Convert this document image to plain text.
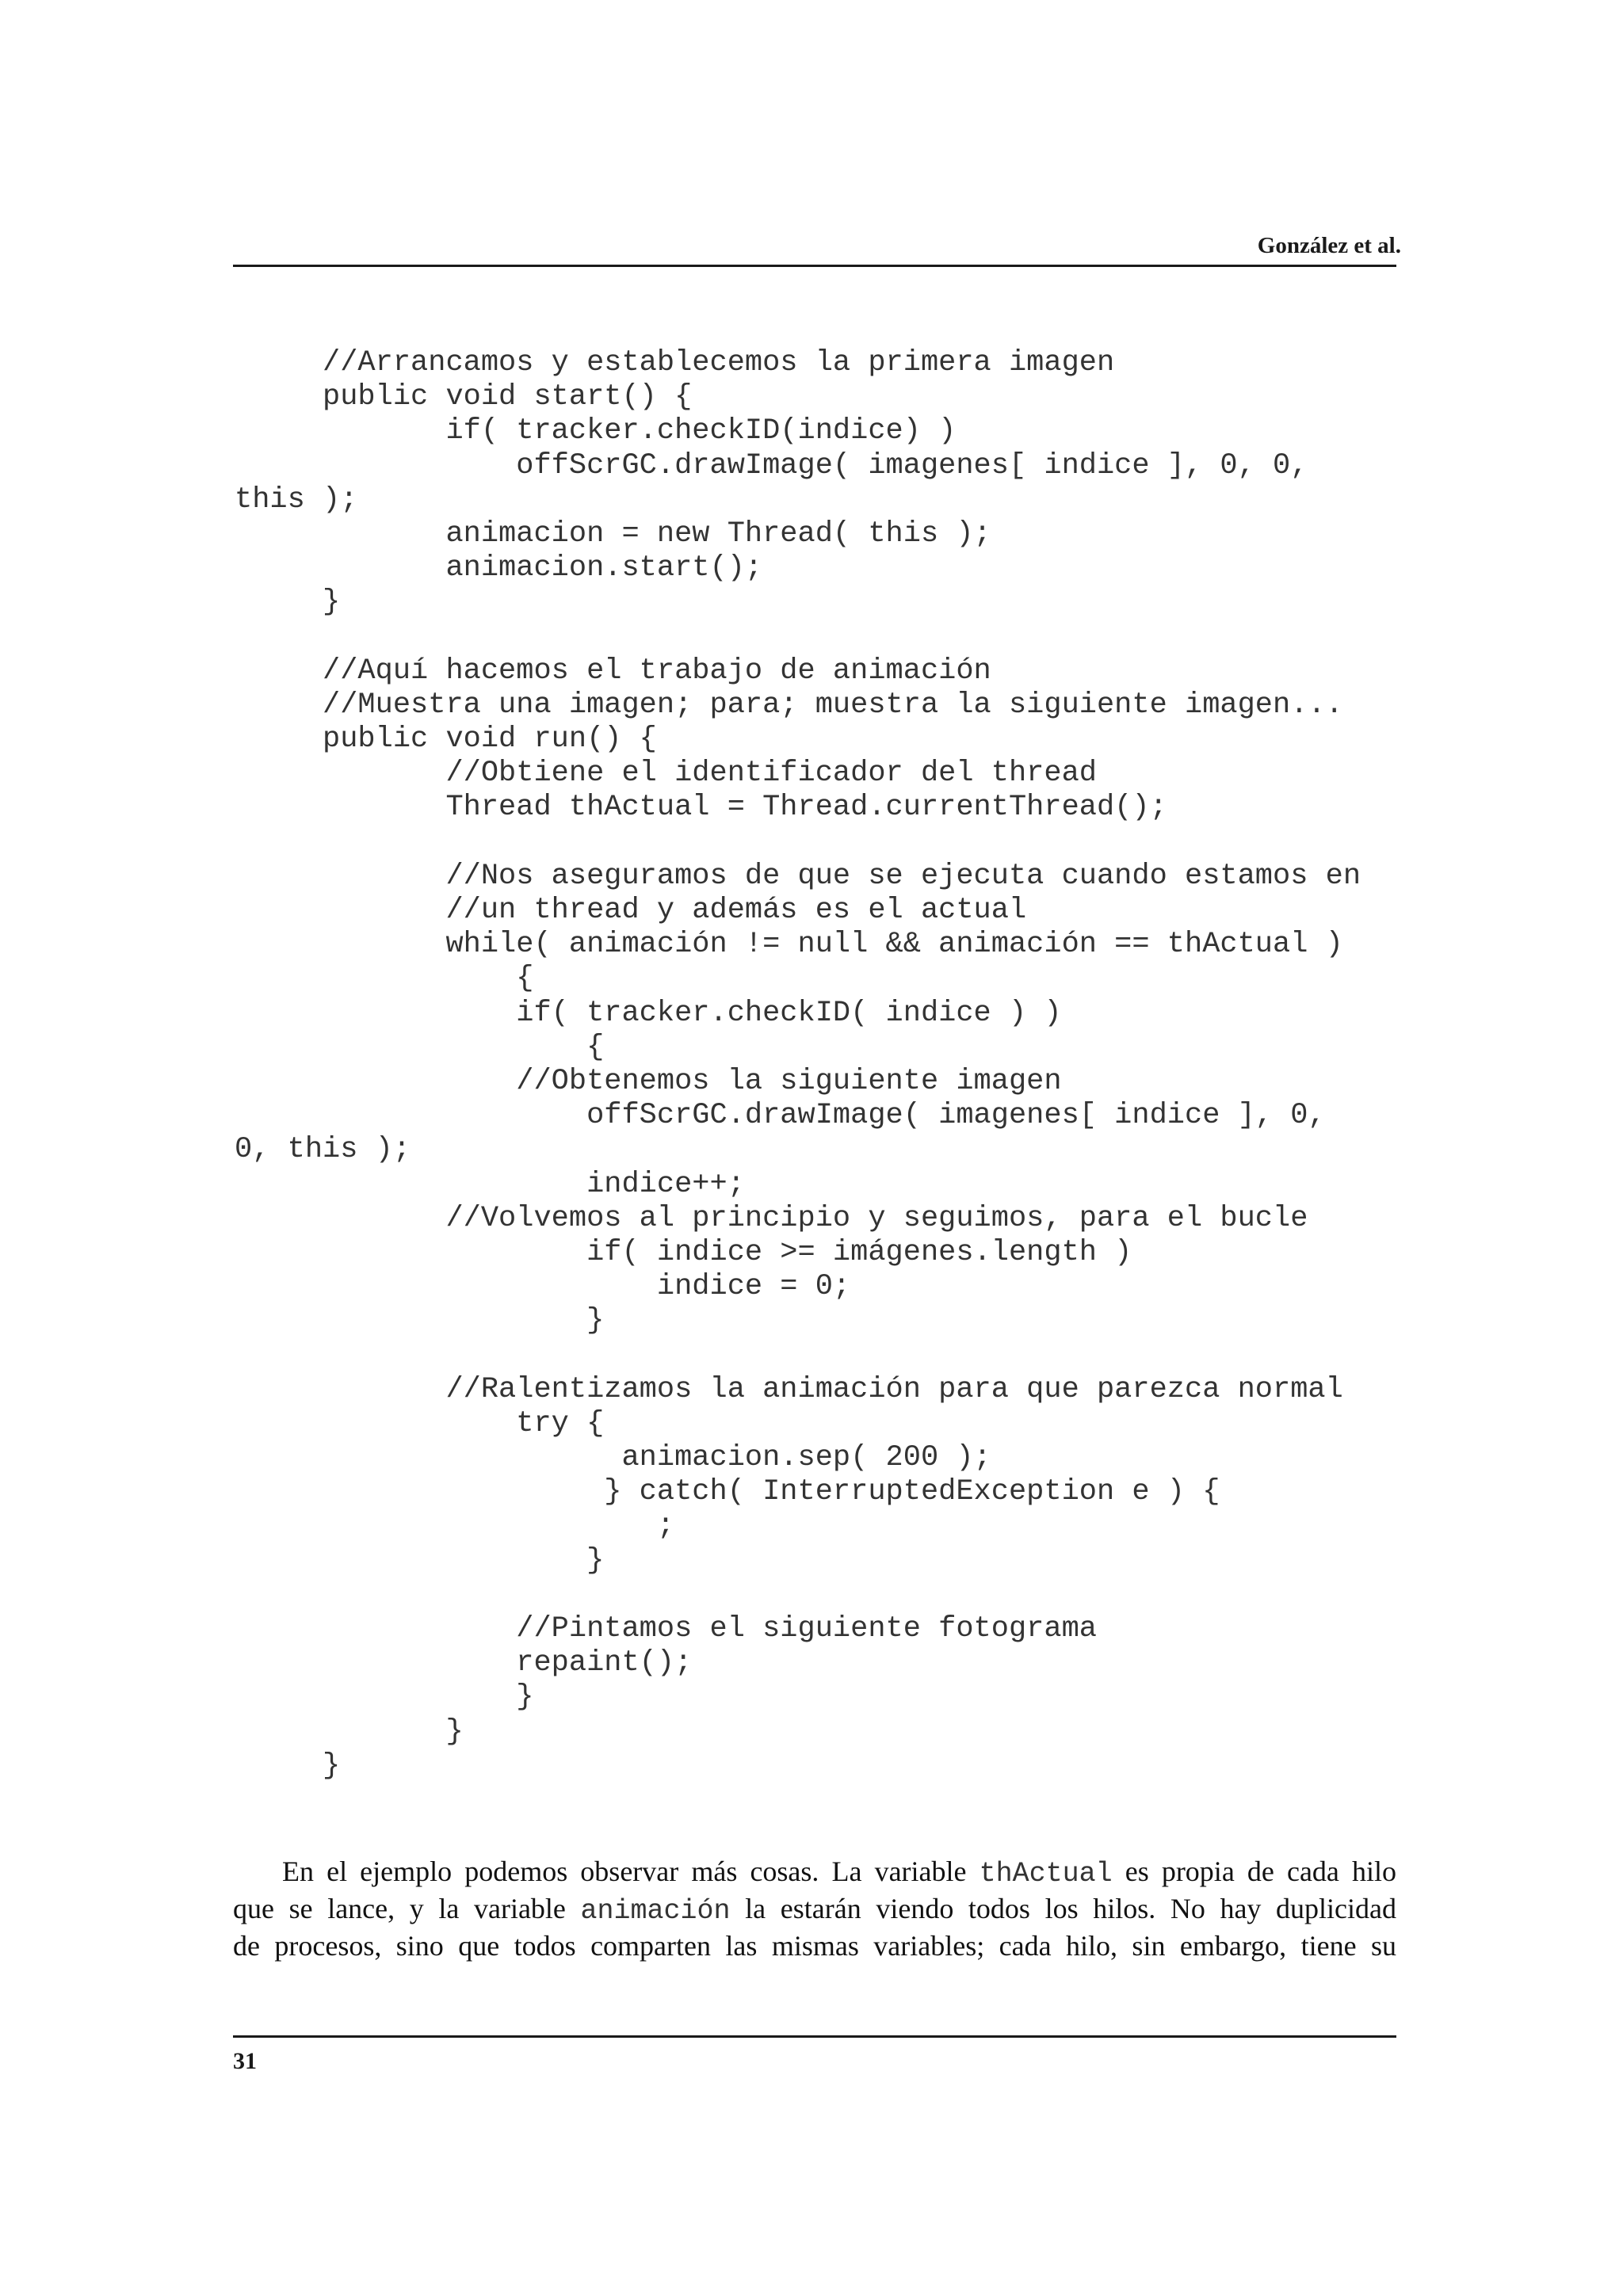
González et al.
//Arrancamos y establecemos la primera imagen
public void start() {
if( tracker.checkID(indice) )
offScrGC.drawImage( imagenes[ indice ], 0, 0,
this );
animacion = new Thread( this );
animacion.start();
}
//Aquí hacemos el trabajo de animación
//Muestra una imagen; para; muestra la siguiente imagen...
public void run() {
//Obtiene el identificador del thread
Thread thActual = Thread.currentThread();
//Nos aseguramos de que se ejecuta cuando estamos en
//un thread y además es el actual
while( animación != null && animación == thActual )
{
if( tracker.checkID( indice ) )
{
//Obtenemos la siguiente imagen
offScrGC.drawImage( imagenes[ indice ], 0,
0, this );
indice++;
//Volvemos al principio y seguimos, para el bucle
if( indice >= imágenes.length )
indice = 0;
}
//Ralentizamos la animación para que parezca normal
try {
animacion.sep( 200 );
} catch( InterruptedException e ) {
;
}
//Pintamos el siguiente fotograma
repaint();
}
}
}
En el ejemplo podemos observar más cosas. La variable thActual es propia de cada hilo
que se lance, y la variable animación la estarán viendo todos los hilos. No hay duplicidad
de procesos, sino que todos comparten las mismas variables; cada hilo, sin embargo, tiene su
31
